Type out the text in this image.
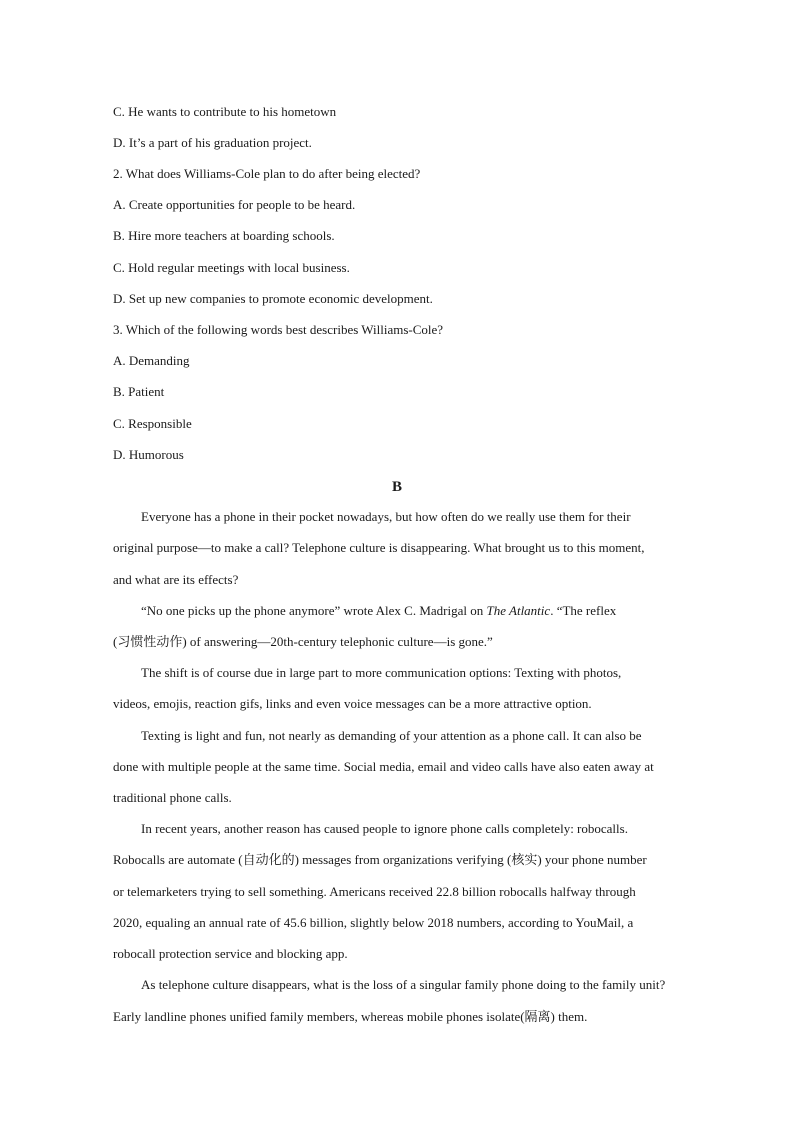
C. He wants to contribute to his hometown
D. It’s a part of his graduation project.
2. What does Williams-Cole plan to do after being elected?
A. Create opportunities for people to be heard.
B. Hire more teachers at boarding schools.
C. Hold regular meetings with local business.
D. Set up new companies to promote economic development.
3. Which of the following words best describes Williams-Cole?
A. Demanding
B. Patient
C. Responsible
D. Humorous
B
Everyone has a phone in their pocket nowadays, but how often do we really use them for their
original purpose—to make a call? Telephone culture is disappearing. What brought us to this moment,
and what are its effects?
“No one picks up the phone anymore” wrote Alex C. Madrigal on The Atlantic. “The reflex
(习惯性动作) of answering—20th-century telephonic culture—is gone.”
The shift is of course due in large part to more communication options: Texting with photos,
videos, emojis, reaction gifs, links and even voice messages can be a more attractive option.
Texting is light and fun, not nearly as demanding of your attention as a phone call. It can also be
done with multiple people at the same time. Social media, email and video calls have also eaten away at
traditional phone calls.
In recent years, another reason has caused people to ignore phone calls completely: robocalls.
Robocalls are automate (自动化的) messages from organizations verifying (核实) your phone number
or telemarketers trying to sell something. Americans received 22.8 billion robocalls halfway through
2020, equaling an annual rate of 45.6 billion, slightly below 2018 numbers, according to YouMail, a
robocall protection service and blocking app.
As telephone culture disappears, what is the loss of a singular family phone doing to the family unit?
Early landline phones unified family members, whereas mobile phones isolate(隔离) them.
